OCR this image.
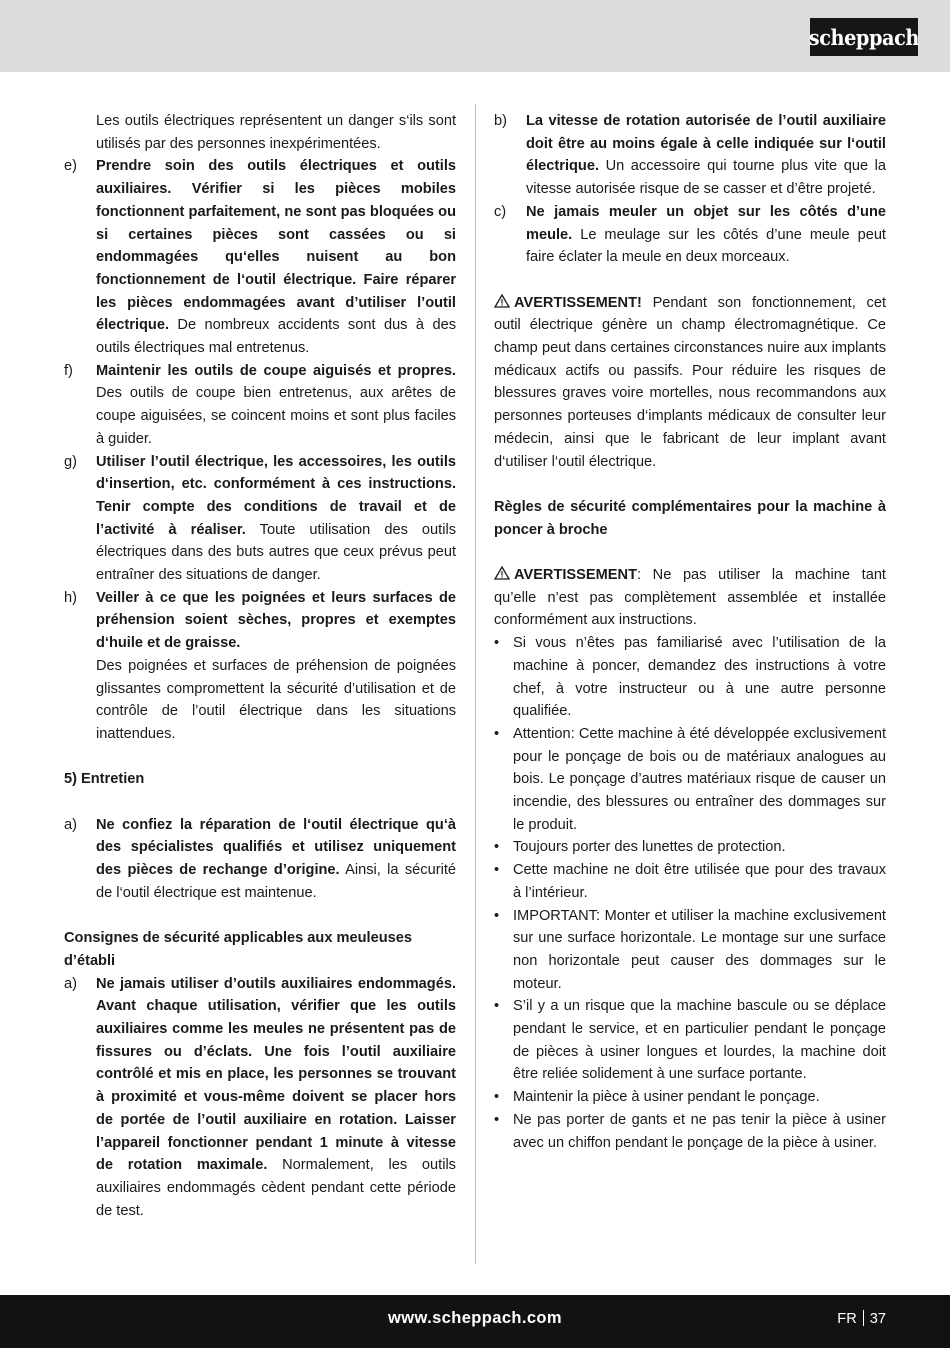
scheppach

Les outils électriques représentent un danger s‘ils sont utilisés par des personnes inexpérimentées.

e) Prendre soin des outils électriques et outils auxiliaires. Vérifier si les pièces mobiles fonctionnent parfaitement, ne sont pas bloquées ou si certaines pièces sont cassées ou si endommagées qu‘elles nuisent au bon fonctionnement de l‘outil électrique. Faire réparer les pièces endommagées avant d’utiliser l’outil électrique. De nombreux accidents sont dus à des outils électriques mal entretenus.
f) Maintenir les outils de coupe aiguisés et propres. Des outils de coupe bien entretenus, aux arêtes de coupe aiguisées, se coincent moins et sont plus faciles à guider.
g) Utiliser l’outil électrique, les accessoires, les outils d‘insertion, etc. conformément à ces instructions. Tenir compte des conditions de travail et de l’activité à réaliser. Toute utilisation des outils électriques dans des buts autres que ceux prévus peut entraîner des situations de danger.
h) Veiller à ce que les poignées et leurs surfaces de préhension soient sèches, propres et exemptes d‘huile et de graisse.
Des poignées et surfaces de préhension de poignées glissantes compromettent la sécurité d’utilisation et de contrôle de l’outil électrique dans les situations inattendues.

5) Entretien

a) Ne confiez la réparation de l‘outil électrique qu‘à des spécialistes qualifiés et utilisez uniquement des pièces de rechange d’origine. Ainsi, la sécurité de l‘outil électrique est maintenue.

Consignes de sécurité applicables aux meuleuses d’établi

a) Ne jamais utiliser d’outils auxiliaires endommagés. Avant chaque utilisation, vérifier que les outils auxiliaires comme les meules ne présentent pas de fissures ou d’éclats. Une fois l’outil auxiliaire contrôlé et mis en place, les personnes se trouvant à proximité et vous-même doivent se placer hors de portée de l’outil auxiliaire en rotation. Laisser l’appareil fonctionner pendant 1 minute à vitesse de rotation maximale. Normalement, les outils auxiliaires endommagés cèdent pendant cette période de test.
b) La vitesse de rotation autorisée de l’outil auxiliaire doit être au moins égale à celle indiquée sur l‘outil électrique. Un accessoire qui tourne plus vite que la vitesse autorisée risque de se casser et d’être projeté.
c) Ne jamais meuler un objet sur les côtés d’une meule. Le meulage sur les côtés d’une meule peut faire éclater la meule en deux morceaux.

AVERTISSEMENT! Pendant son fonctionnement, cet outil électrique génère un champ électromagnétique. Ce champ peut dans certaines circonstances nuire aux implants médicaux actifs ou passifs. Pour réduire les risques de blessures graves voire mortelles, nous recommandons aux personnes porteuses d‘implants médicaux de consulter leur médecin, ainsi que le fabricant de leur implant avant d‘utiliser l‘outil électrique.

Règles de sécurité complémentaires pour la machine à poncer à broche

AVERTISSEMENT: Ne pas utiliser la machine tant qu’elle n’est pas complètement assemblée et installée conformément aux instructions.

• Si vous n’êtes pas familiarisé avec l’utilisation de la machine à poncer, demandez des instructions à votre chef, à votre instructeur ou à une autre personne qualifiée.
• Attention: Cette machine à été développée exclusivement pour le ponçage de bois ou de matériaux analogues au bois. Le ponçage d’autres matériaux risque de causer un incendie, des blessures ou entraîner des dommages sur le produit.
• Toujours porter des lunettes de protection.
• Cette machine ne doit être utilisée que pour des travaux à l’intérieur.
• IMPORTANT: Monter et utiliser la machine exclusivement sur une surface horizontale. Le montage sur une surface non horizontale peut causer des dommages sur le moteur.
• S’il y a un risque que la machine bascule ou se déplace pendant le service, et en particulier pendant le ponçage de pièces à usiner longues et lourdes, la machine doit être reliée solidement à une surface portante.
• Maintenir la pièce à usiner pendant le ponçage.
• Ne pas porter de gants et ne pas tenir la pièce à usiner avec un chiffon pendant le ponçage de la pièce à usiner.
www.scheppach.com	FR 37
